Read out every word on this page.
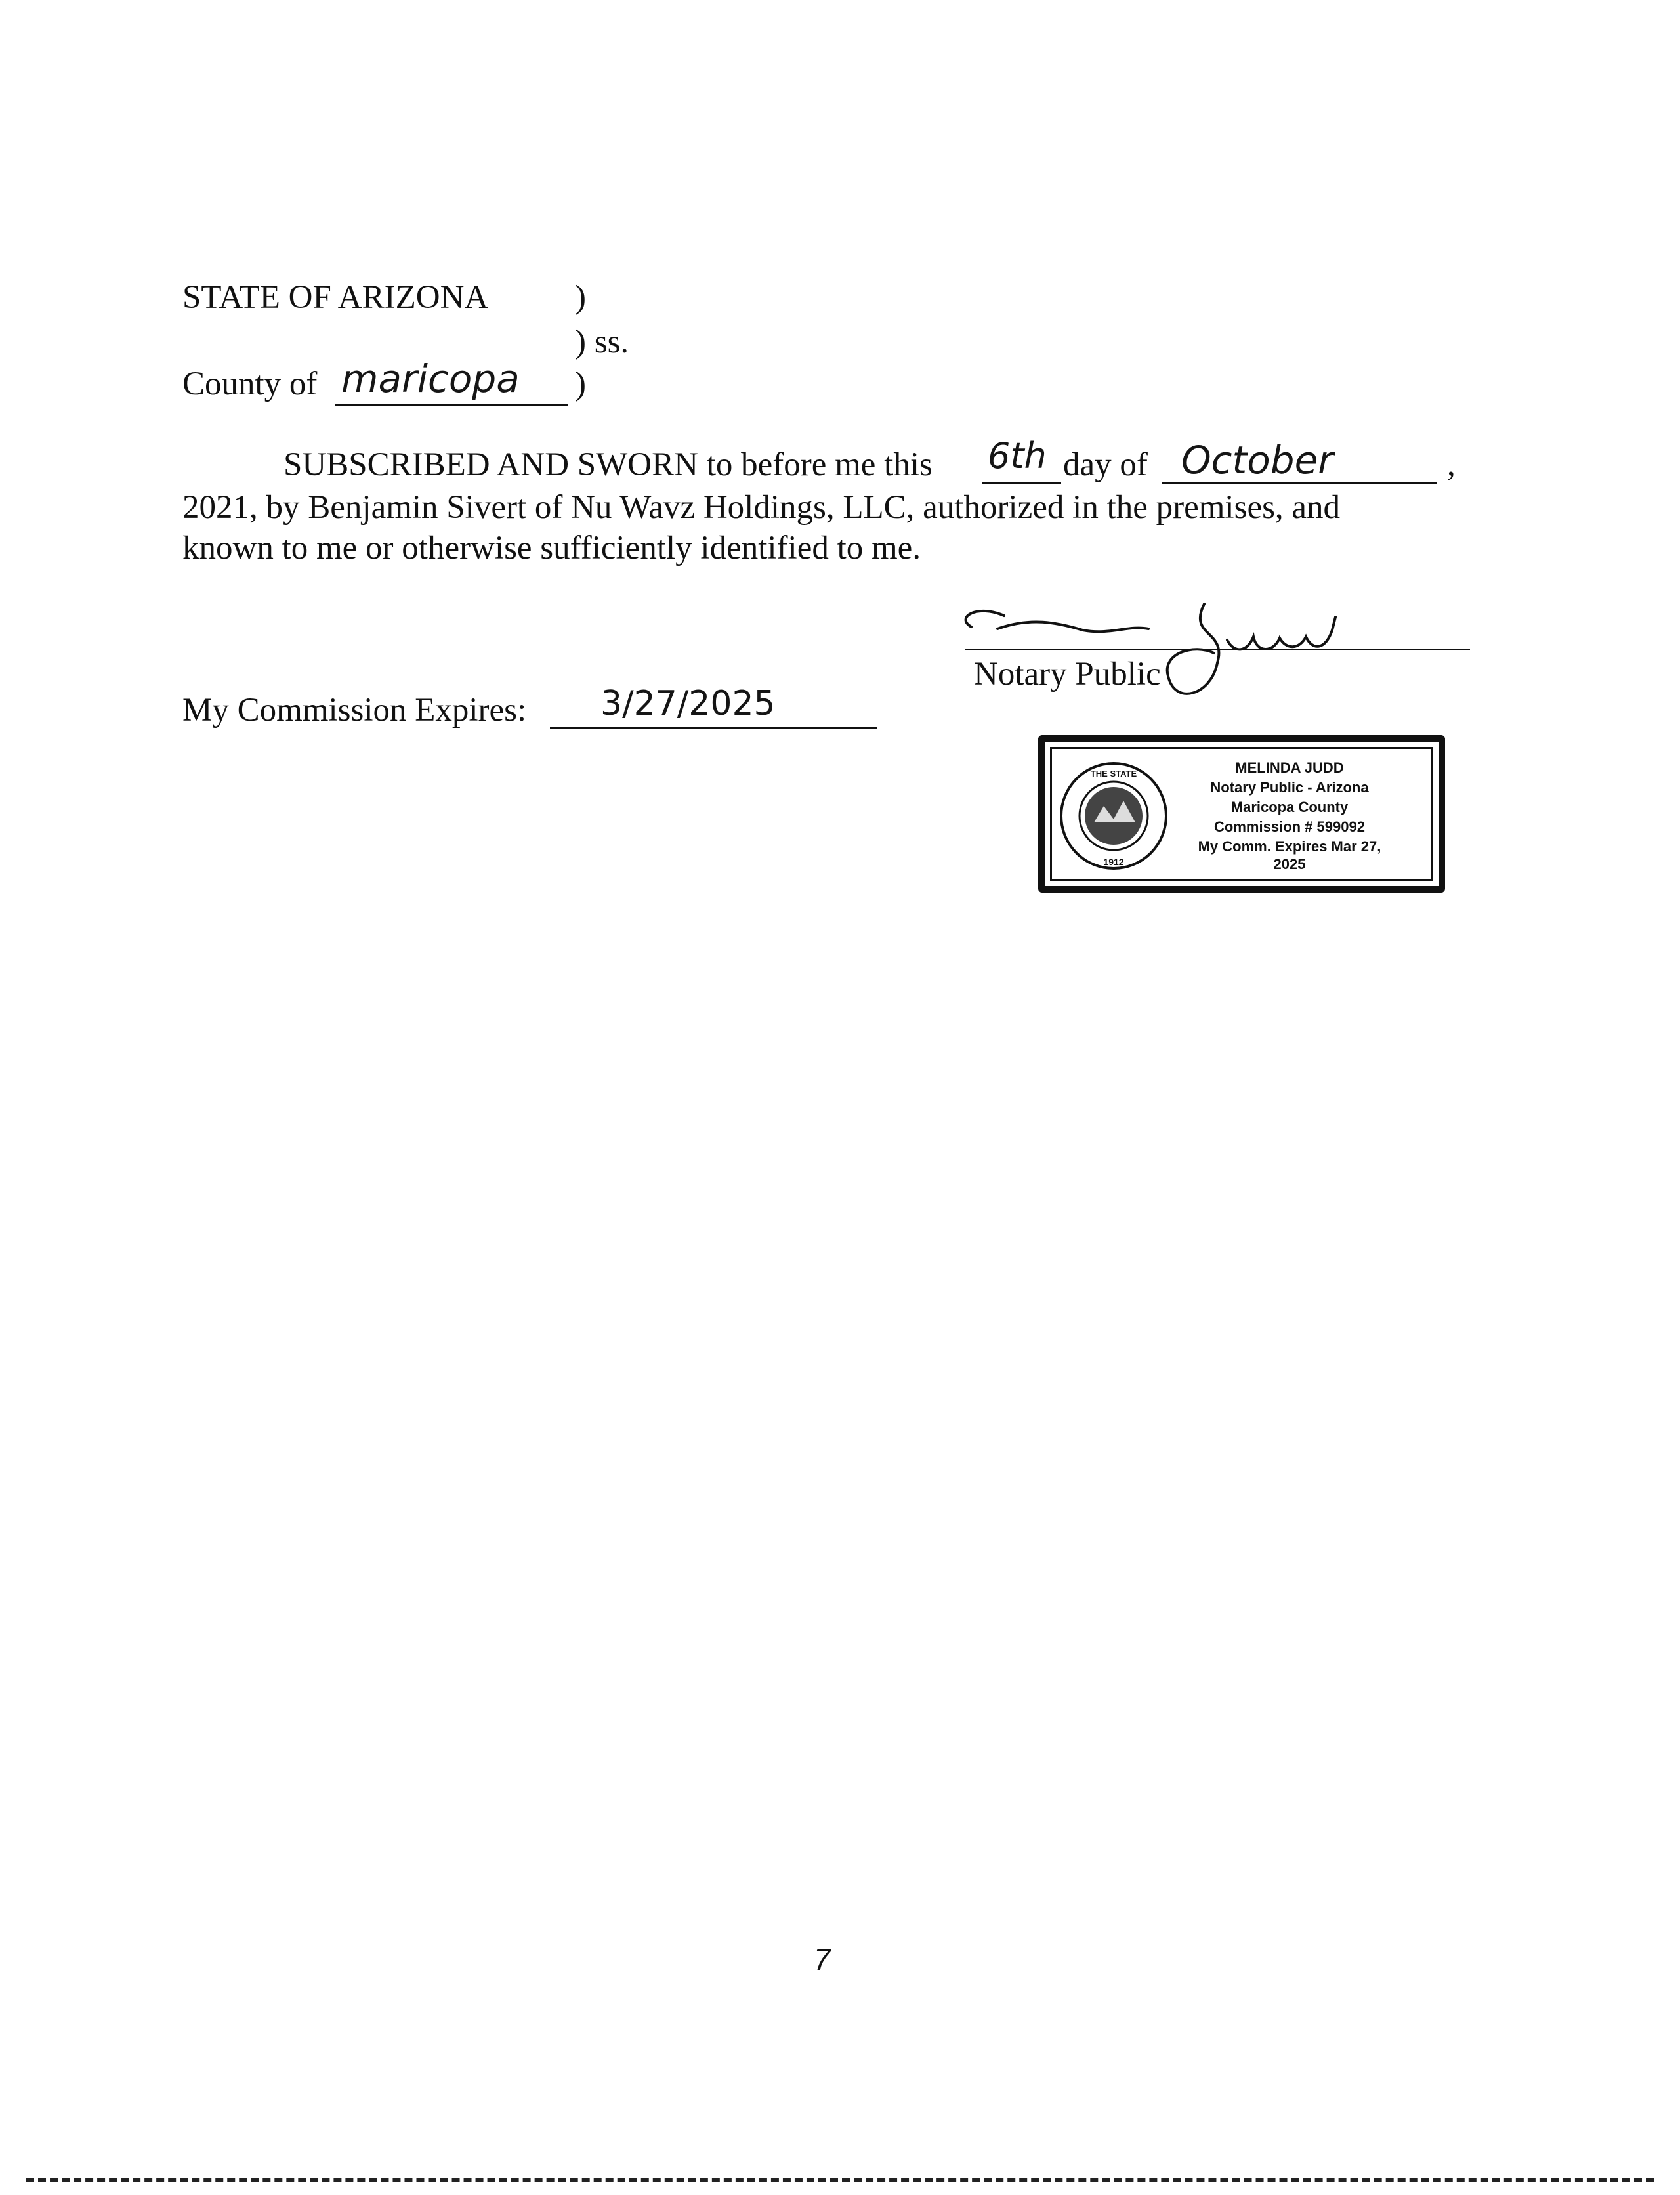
STATE OF ARIZONA	)
) ss.
County of maricopa )
SUBSCRIBED AND SWORN to before me this 6th day of October	,
2021, by Benjamin Sivert of Nu Wavz Holdings, LLC, authorized in the premises, and
known to me or otherwise sufficiently identified to me.
Notary Public
My Commission Expires: 3/27/2025
THE STATE
1912
MELINDA JUDD
Notary Public - Arizona
Maricopa County
Commission # 599092
My Comm. Expires Mar 27, 2025
7
